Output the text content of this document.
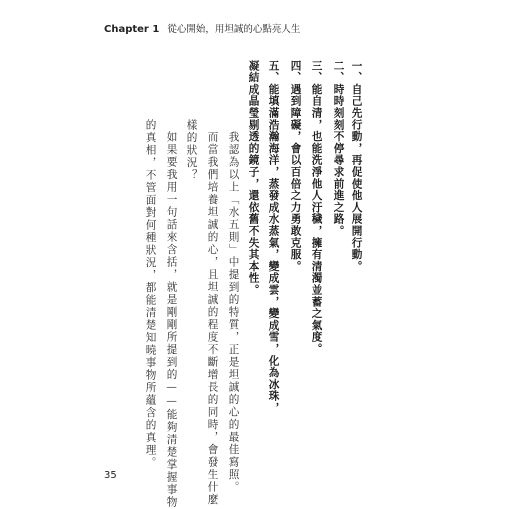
Chapter 1 從心開始，用坦誠的心點亮人生
一、自己先行動，再促使他人展開行動。
二、時時刻刻不停尋求前進之路。
三、能自清，也能洗淨他人汙穢，擁有清濁並蓄之氣度。
四、遇到障礙，會以百倍之力勇敢克服。
五、能填滿浩瀚海洋，蒸發成水蒸氣，變成雲，變成雪，化為冰珠，
凝結成晶瑩剔透的鏡子，還依舊不失其本性。
我認為以上「水五則」中提到的特質，正是坦誠的心的最佳寫照。
而當我們培養坦誠的心，且坦誠的程度不斷增長的同時，會發生什麼
樣的狀況？
如果要我用一句話來含括，就是剛剛所提到的——能夠清楚掌握事物
的真相，不管面對何種狀況，都能清楚知曉事物所蘊含的真理。
35
